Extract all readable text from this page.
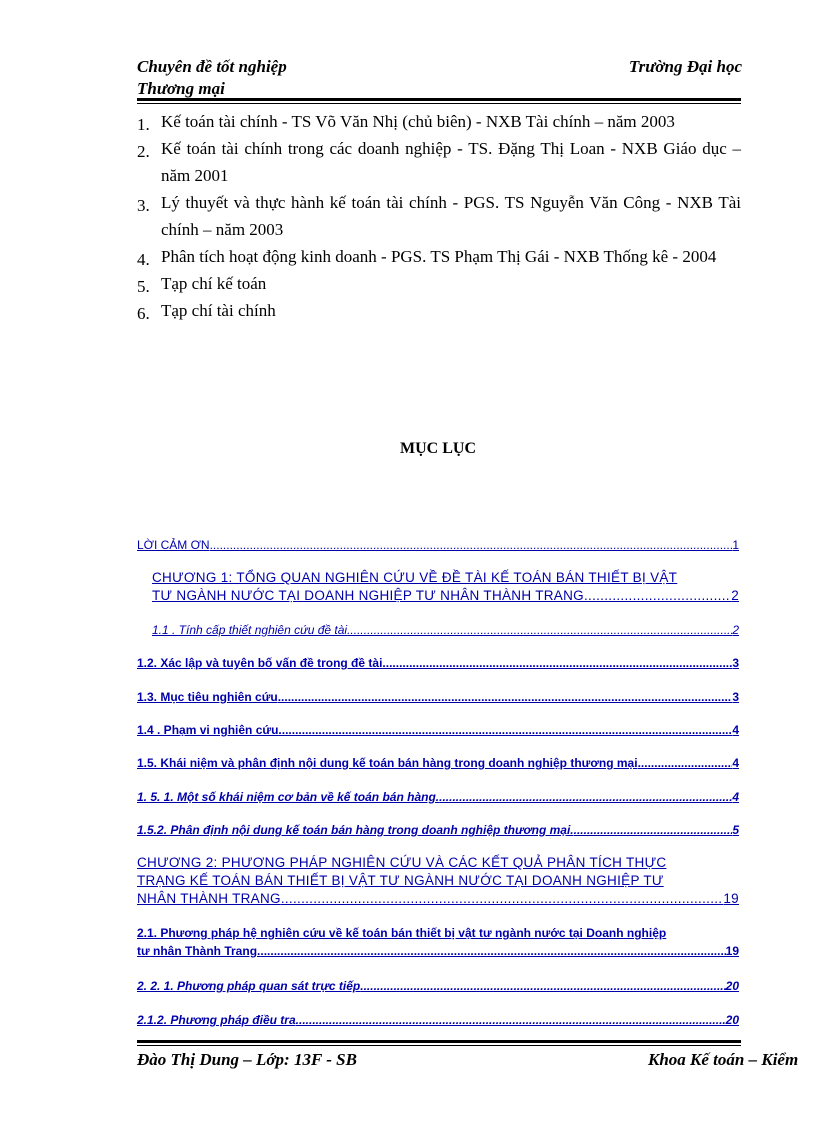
Chuyên đề tốt nghiệp
Thương mại
Trường Đại học
1. Kế toán tài chính - TS Võ Văn Nhị (chủ biên) - NXB Tài chính – năm 2003
2. Kế toán tài chính trong các doanh nghiệp - TS. Đặng Thị Loan - NXB Giáo dục – năm 2001
3. Lý thuyết và thực hành kế toán tài chính - PGS. TS Nguyễn Văn Công - NXB Tài chính – năm 2003
4. Phân tích hoạt động kinh doanh - PGS. TS Phạm Thị Gái - NXB Thống kê - 2004
5. Tạp chí kế toán
6. Tạp chí tài chính
MỤC LỤC
LỜI CẢM ƠN .....	1
CHƯƠNG 1: TỔNG QUAN NGHIÊN CỨU VỀ ĐỀ TÀI KẾ TOÁN BÁN THIẾT BỊ VẬT
TƯ NGÀNH NƯỚC TẠI DOANH NGHIỆP TƯ NHÂN THÀNH TRANG .....	2
1.1 . Tính cấp thiết nghiên cứu đề tài .....	2
1.2. Xác lập và tuyên bố vấn đề trong đề tài .....	3
1.3. Mục tiêu nghiên cứu .....	3
1.4 . Phạm vi nghiên cứu .....	4
1.5. Khái niệm và phân định nội dung kế toán bán hàng trong doanh nghiệp thương mại .....	4
1. 5. 1. Một số khái niệm cơ bản về kế toán bán hàng. .....	4
1.5.2. Phân định nội dung kế toán bán hàng trong doanh nghiệp thương mại. .....	5
CHƯƠNG 2: PHƯƠNG PHÁP NGHIÊN CỨU VÀ CÁC KẾT QUẢ PHÂN TÍCH THỰC
TRẠNG KẾ TOÁN BÁN THIẾT BỊ VẬT TƯ NGÀNH NƯỚC TẠI DOANH NGHIỆP TƯ
NHÂN THÀNH TRANG .....	19
2.1. Phương pháp hệ nghiên cứu về kế toán bán thiết bị vật tư ngành nước tại Doanh nghiệp
tư nhân Thành Trang. .....	19
2. 2. 1. Phương pháp quan sát trực tiếp .....	20
2.1.2. Phương pháp điều tra .....	20
Đào Thị Dung – Lớp: 13F - SB	Khoa Kế toán – Kiểm
